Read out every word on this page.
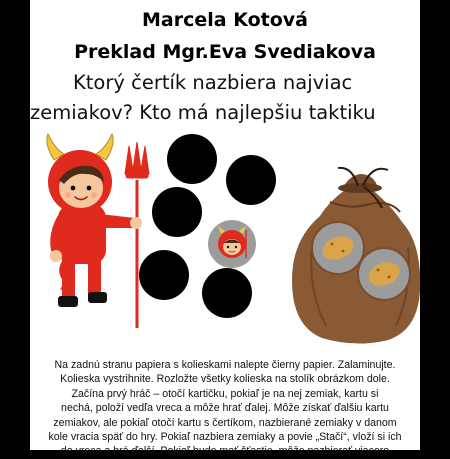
Marcela Kotová
Preklad Mgr.Eva Svediakova
Ktorý čertík nazbiera najviac
zemiakov? Kto má najlepšiu taktiku
Na zadnú stranu papiera s kolieskami nalepte čierny papier. Zalaminujte.
Kolieska vystrihnite. Rozložte všetky kolieska na stolík obrázkom dole.
Začína prvý hráč – otočí kartičku, pokiaľ je na nej zemiak, kartu si
nechá, položí vedľa vreca a môže hrať ďalej. Môže získať ďalšiu kartu
zemiakov, ale pokiaľ otočí kartu s čertíkom, nazbierané zemiaky v danom
kole vracia späť do hry. Pokiaľ nazbiera zemiaky a povie „Stačí“, vloží si ich
do vreca a hrá ďalší. Pokiaľ bude mať šťastie, môže nazbierať viacero
